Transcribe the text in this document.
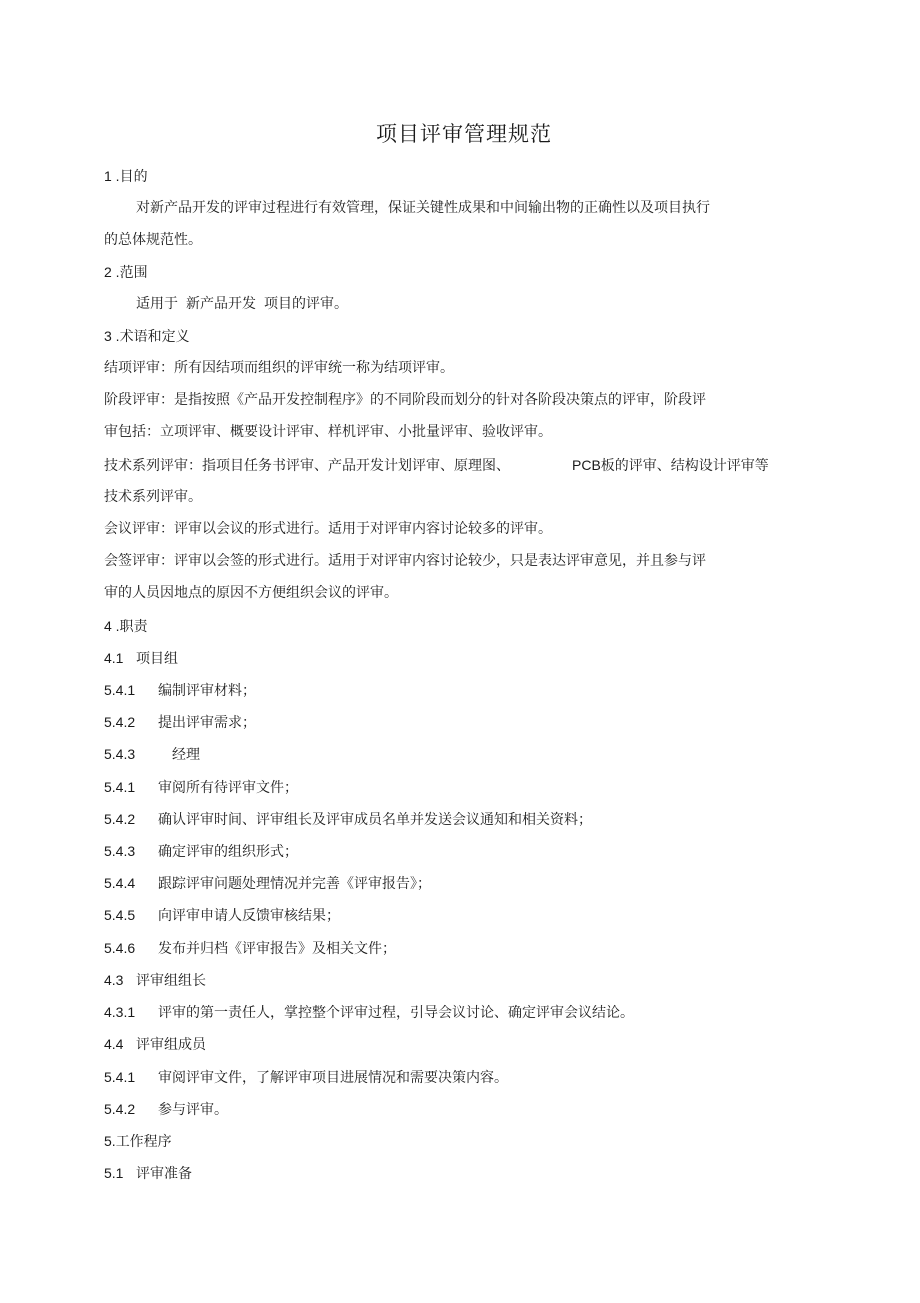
项目评审管理规范
1 .目的
对新产品开发的评审过程进行有效管理，保证关键性成果和中间输出物的正确性以及项目执行
的总体规范性。
2 .范围
适用于 新产品开发 项目的评审。
3 .术语和定义
结项评审：所有因结项而组织的评审统一称为结项评审。
阶段评审：是指按照《产品开发控制程序》的不同阶段而划分的针对各阶段决策点的评审，阶段评
审包括：立项评审、概要设计评审、样机评审、小批量评审、验收评审。
技术系列评审：指项目任务书评审、产品开发计划评审、原理图、	PCB板的评审、结构设计评审等
技术系列评审。
会议评审：评审以会议的形式进行。适用于对评审内容讨论较多的评审。
会签评审：评审以会签的形式进行。适用于对评审内容讨论较少，只是表达评审意见，并且参与评
审的人员因地点的原因不方便组织会议的评审。
4 .职责
4.1 项目组
5.4.1 编制评审材料；
5.4.2 提出评审需求；
5.4.3	经理
5.4.1 审阅所有待评审文件；
5.4.2 确认评审时间、评审组长及评审成员名单并发送会议通知和相关资料；
5.4.3 确定评审的组织形式；
5.4.4 跟踪评审问题处理情况并完善《评审报告》；
5.4.5 向评审申请人反馈审核结果；
5.4.6 发布并归档《评审报告》及相关文件；
4.3 评审组组长
4.3.1 评审的第一责任人，掌控整个评审过程，引导会议讨论、确定评审会议结论。
4.4 评审组成员
5.4.1 审阅评审文件，了解评审项目进展情况和需要决策内容。
5.4.2 参与评审。
5.工作程序
5.1 评审准备
